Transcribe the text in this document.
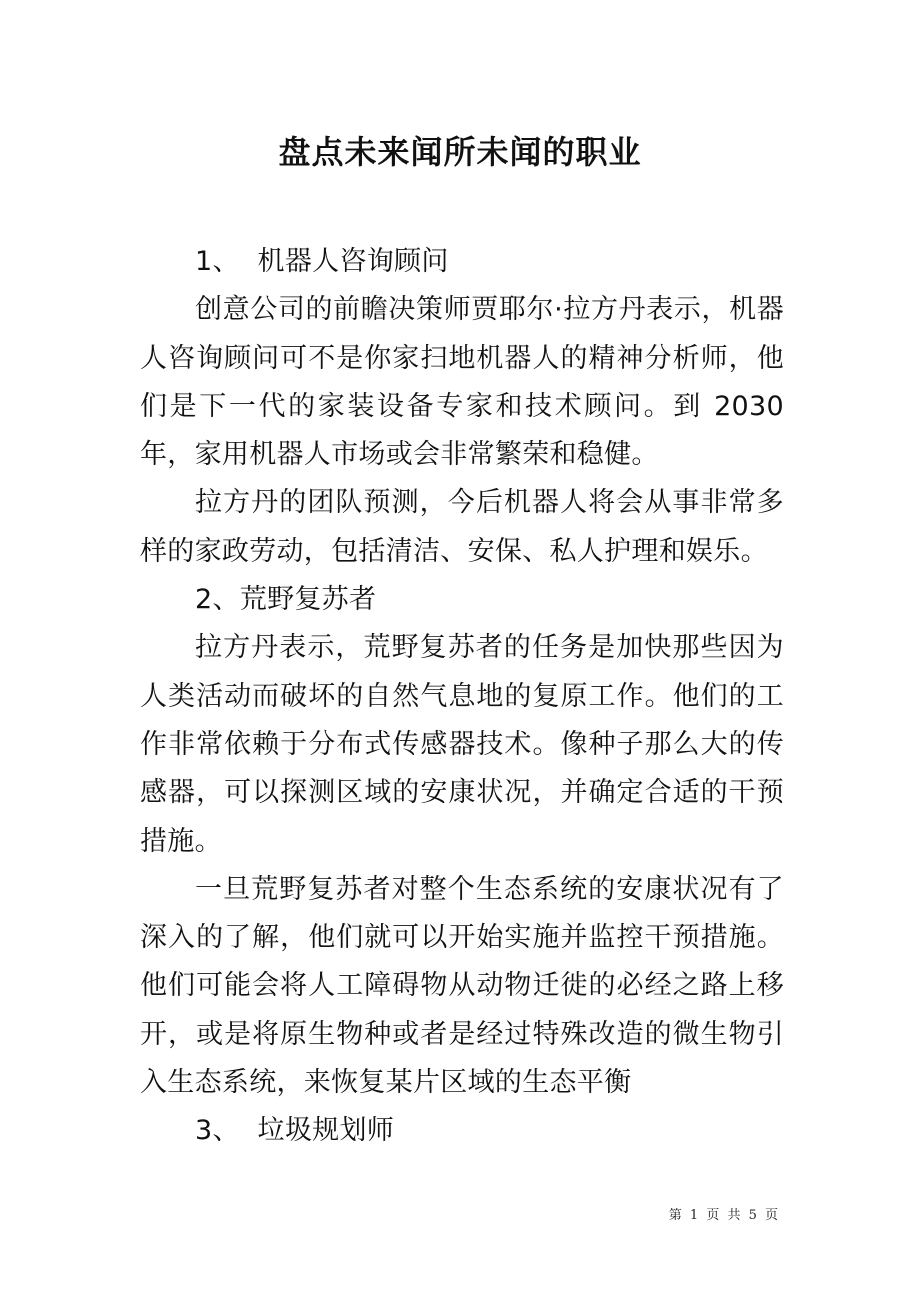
盘点未来闻所未闻的职业

1、  机器人咨询顾问

创意公司的前瞻决策师贾耶尔·拉方丹表示，机器人咨询顾问可不是你家扫地机器人的精神分析师，他们是下一代的家装设备专家和技术顾问。到 2030 年，家用机器人市场或会非常繁荣和稳健。

拉方丹的团队预测，今后机器人将会从事非常多样的家政劳动，包括清洁、安保、私人护理和娱乐。

2、荒野复苏者

拉方丹表示，荒野复苏者的任务是加快那些因为人类活动而破坏的自然气息地的复原工作。他们的工作非常依赖于分布式传感器技术。像种子那么大的传感器，可以探测区域的安康状况，并确定合适的干预措施。

一旦荒野复苏者对整个生态系统的安康状况有了深入的了解，他们就可以开始实施并监控干预措施。他们可能会将人工障碍物从动物迁徙的必经之路上移开，或是将原生物种或者是经过特殊改造的微生物引入生态系统，来恢复某片区域的生态平衡

3、  垃圾规划师

第 1 页 共 5 页
